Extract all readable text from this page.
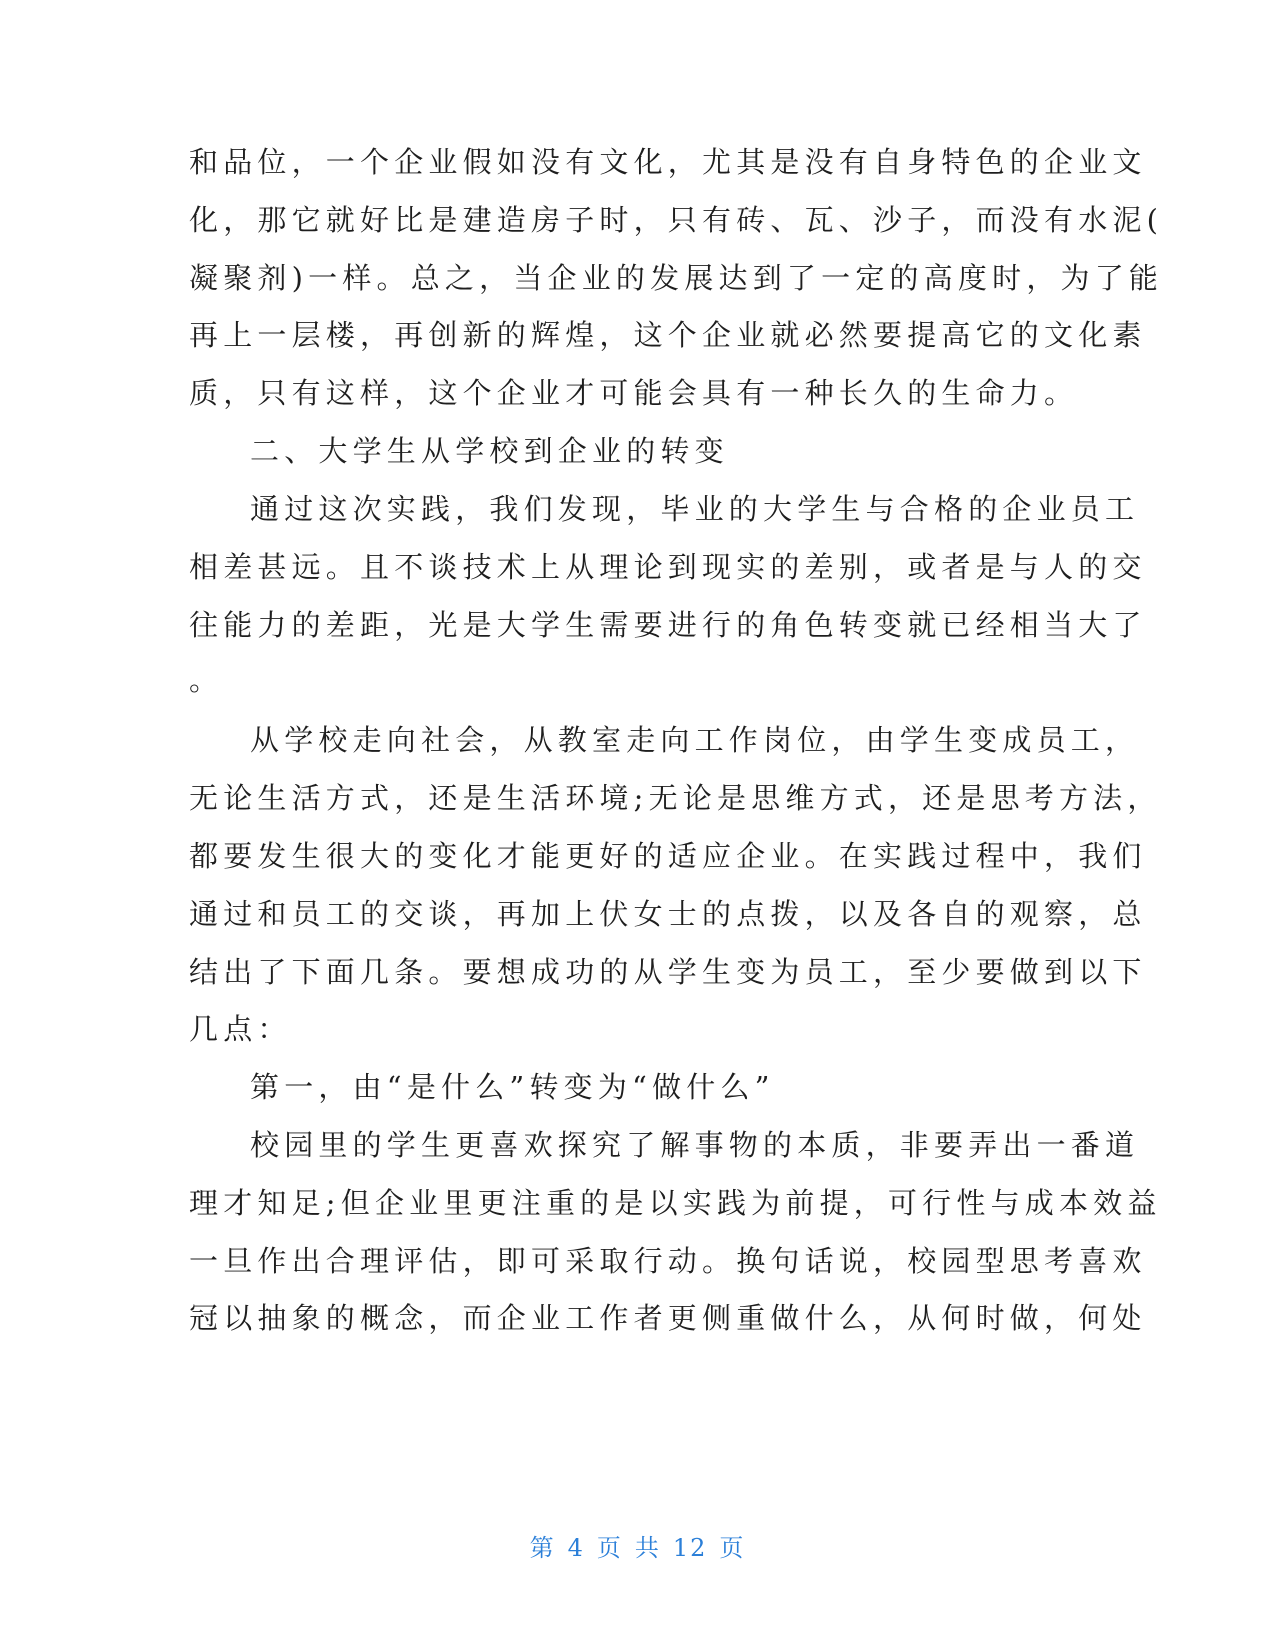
和品位，一个企业假如没有文化，尤其是没有自身特色的企业文
化，那它就好比是建造房子时，只有砖、瓦、沙子，而没有水泥(
凝聚剂)一样。总之，当企业的发展达到了一定的高度时，为了能
再上一层楼，再创新的辉煌，这个企业就必然要提高它的文化素
质，只有这样，这个企业才可能会具有一种长久的生命力。
二、大学生从学校到企业的转变
通过这次实践，我们发现，毕业的大学生与合格的企业员工
相差甚远。且不谈技术上从理论到现实的差别，或者是与人的交
往能力的差距，光是大学生需要进行的角色转变就已经相当大了
。
从学校走向社会，从教室走向工作岗位，由学生变成员工，
无论生活方式，还是生活环境;无论是思维方式，还是思考方法，
都要发生很大的变化才能更好的适应企业。在实践过程中，我们
通过和员工的交谈，再加上伏女士的点拨，以及各自的观察，总
结出了下面几条。要想成功的从学生变为员工，至少要做到以下
几点：
第一，由“是什么”转变为“做什么”
校园里的学生更喜欢探究了解事物的本质，非要弄出一番道
理才知足;但企业里更注重的是以实践为前提，可行性与成本效益
一旦作出合理评估，即可采取行动。换句话说，校园型思考喜欢
冠以抽象的概念，而企业工作者更侧重做什么，从何时做，何处
第 4 页 共 12 页
